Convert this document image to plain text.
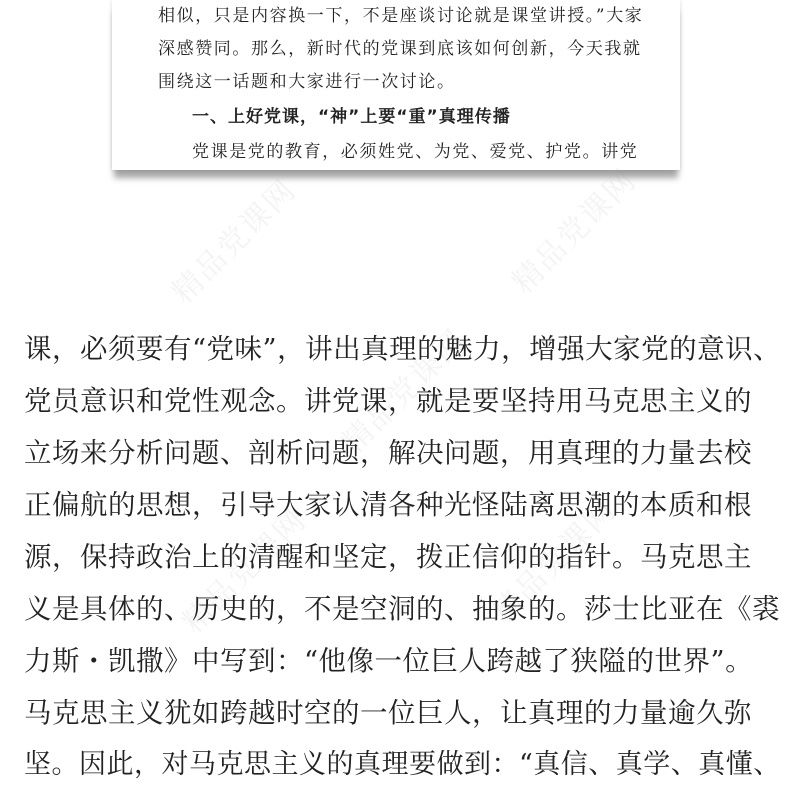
相似，只是内容换一下，不是座谈讨论就是课堂讲授。”大家
深感赞同。那么，新时代的党课到底该如何创新，今天我就
围绕这一话题和大家进行一次讨论。
一、上好党课，“神”上要“重”真理传播
党课是党的教育，必须姓党、为党、爱党、护党。讲党
精品党课网	精品党课网
精品党课网
精品党课网	精品党课网
课，必须要有“党味”，讲出真理的魅力，增强大家党的意识、
党员意识和党性观念。讲党课，就是要坚持用马克思主义的
立场来分析问题、剖析问题，解决问题，用真理的力量去校
正偏航的思想，引导大家认清各种光怪陆离思潮的本质和根
源，保持政治上的清醒和坚定，拨正信仰的指针。马克思主
义是具体的、历史的，不是空洞的、抽象的。莎士比亚在《裘
力斯・凯撒》中写到：“他像一位巨人跨越了狭隘的世界”。
马克思主义犹如跨越时空的一位巨人，让真理的力量逾久弥
坚。因此，对马克思主义的真理要做到：“真信、真学、真懂、
